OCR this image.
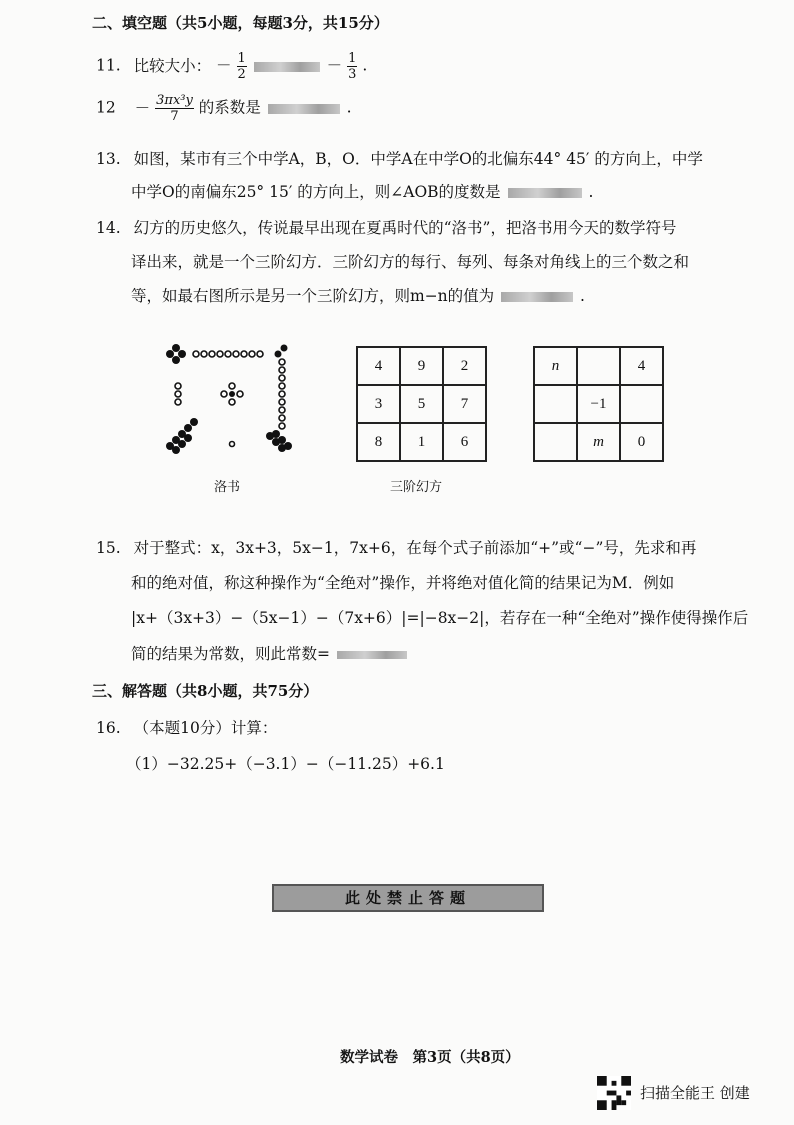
二、填空题（共5小题，每题3分，共15分）
11. 比较大小： － $\frac{1}{2}$	－ $\frac{1}{3}$ .
$12 - \frac{\text{3πx³y}}{7}$ 的系数是	.
13. 如图，某市有三个中学A，B，O．中学A在中学O的北偏东44° 45′ 的方向上，中学
中学O的南偏东25° 15′ 的方向上，则∠AOB的度数是	.
14. 幻方的历史悠久，传说最早出现在夏禹时代的“洛书”，把洛书用今天的数学符号
译出来，就是一个三阶幻方．三阶幻方的每行、每列、每条对角线上的三个数之和
等，如最右图所示是另一个三阶幻方，则m−n的值为	.
洛书
4	9	2
3	5	7
8	1	6
三阶幻方
n		4
	−1	
	m	0
15. 对于整式：x，3x+3，5x−1，7x+6，在每个式子前添加“+”或“−”号，先求和再
和的绝对值，称这种操作为“全绝对”操作，并将绝对值化简的结果记为M．例如
|x+（3x+3）−（5x−1）−（7x+6）|=|−8x−2|，若存在一种“全绝对”操作使得操作后
简的结果为常数，则此常数=
三、解答题（共8小题，共75分）
16. （本题10分）计算：
（1）−32.25+（−3.1）−（−11.25）+6.1
此处禁止答题
数学试卷　第3页（共8页）
扫描全能王 创建
